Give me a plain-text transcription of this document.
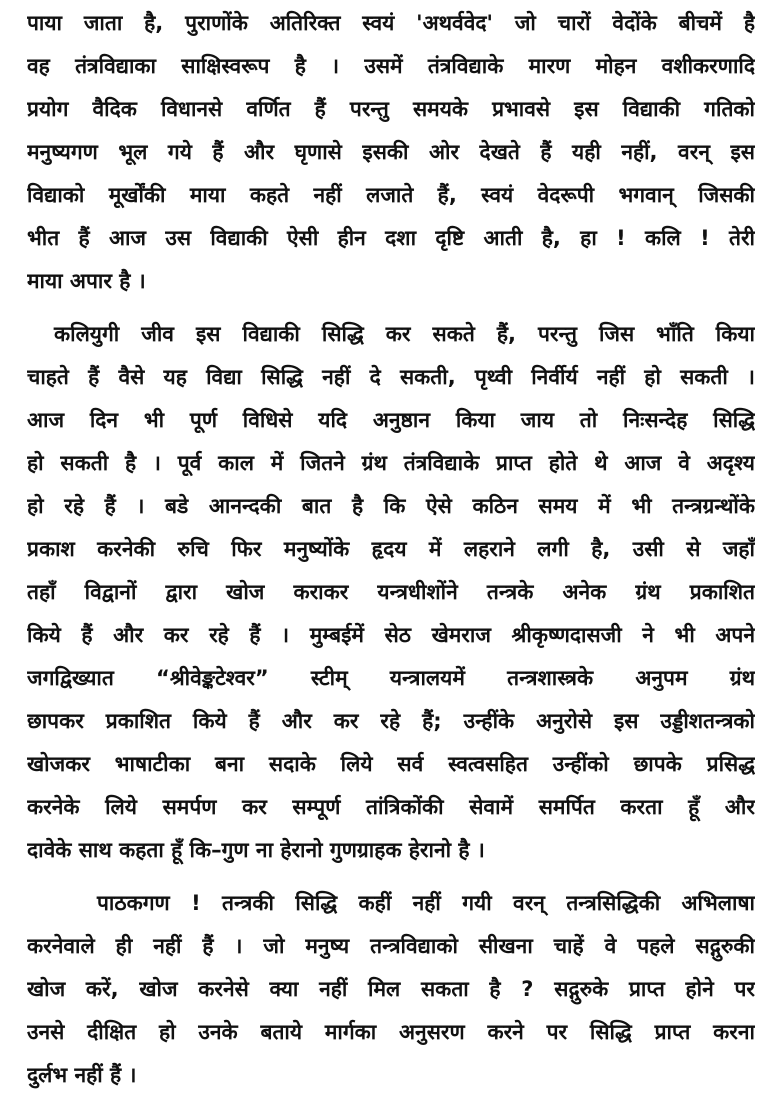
पाया जाता है, पुराणोंके अतिरिक्त स्वयं 'अथर्ववेद' जो चारों वेदोंके बीचमें है
वह तंत्रविद्याका साक्षिस्वरूप है । उसमें तंत्रविद्याके मारण मोहन वशीकरणादि
प्रयोग वैदिक विधानसे वर्णित हैं परन्तु समयके प्रभावसे इस विद्याकी गतिको
मनुष्यगण भूल गये हैं और घृणासे इसकी ओर देखते हैं यही नहीं, वरन् इस
विद्याको मूर्खोंकी माया कहते नहीं लजाते हैं, स्वयं वेदरूपी भगवान् जिसकी
भीत हैं आज उस विद्याकी ऐसी हीन दशा दृष्टि आती है, हा ! कलि ! तेरी
माया अपार है ।
कलियुगी जीव इस विद्याकी सिद्धि कर सकते हैं, परन्तु जिस भाँति किया
चाहते हैं वैसे यह विद्या सिद्धि नहीं दे सकती, पृथ्वी निर्वीर्य नहीं हो सकती ।
आज दिन भी पूर्ण विधिसे यदि अनुष्ठान किया जाय तो निःसन्देह सिद्धि
हो सकती है । पूर्व काल में जितने ग्रंथ तंत्रविद्याके प्राप्त होते थे आज वे अदृश्य
हो रहे हैं । बडे आनन्दकी बात है कि ऐसे कठिन समय में भी तन्त्रग्रन्थोंके
प्रकाश करनेकी रुचि फिर मनुष्योंके हृदय में लहराने लगी है, उसी से जहाँ
तहाँ विद्वानों द्वारा खोज कराकर यन्त्रधीशोंने तन्त्रके अनेक ग्रंथ प्रकाशित
किये हैं और कर रहे हैं । मुम्बईमें सेठ खेमराज श्रीकृष्णदासजी ने भी अपने
जगद्विख्यात “श्रीवेङ्कटेश्वर” स्टीम् यन्त्रालयमें तन्त्रशास्त्रके अनुपम ग्रंथ
छापकर प्रकाशित किये हैं और कर रहे हैं; उन्हींके अनुरोसे इस उड्डीशतन्त्रको
खोजकर भाषाटीका बना सदाके लिये सर्व स्वत्वसहित उन्हींको छापके प्रसिद्ध
करनेके लिये समर्पण कर सम्पूर्ण तांत्रिकोंकी सेवामें समर्पित करता हूँ और
दावेके साथ कहता हूँ कि–गुण ना हेरानो गुणग्राहक हेरानो है ।
पाठकगण ! तन्त्रकी सिद्धि कहीं नहीं गयी वरन् तन्त्रसिद्धिकी अभिलाषा
करनेवाले ही नहीं हैं । जो मनुष्य तन्त्रविद्याको सीखना चाहें वे पहले सद्गुरुकी
खोज करें, खोज करनेसे क्या नहीं मिल सकता है ? सद्गुरुके प्राप्त होने पर
उनसे दीक्षित हो उनके बताये मार्गका अनुसरण करने पर सिद्धि प्राप्त करना
दुर्लभ नहीं हैं ।
